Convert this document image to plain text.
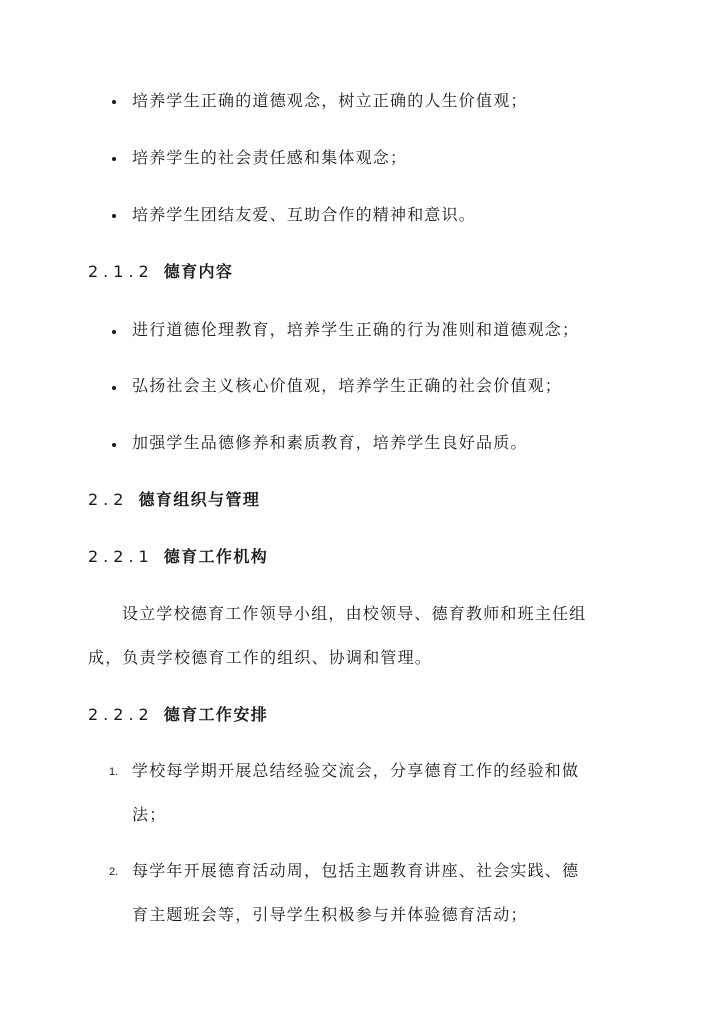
培养学生正确的道德观念，树立正确的人生价值观；
培养学生的社会责任感和集体观念；
培养学生团结友爱、互助合作的精神和意识。
2.1.2 德育内容
进行道德伦理教育，培养学生正确的行为准则和道德观念；
弘扬社会主义核心价值观，培养学生正确的社会价值观；
加强学生品德修养和素质教育，培养学生良好品质。
2.2 德育组织与管理
2.2.1 德育工作机构
设立学校德育工作领导小组，由校领导、德育教师和班主任组
成，负责学校德育工作的组织、协调和管理。
2.2.2 德育工作安排
1. 学校每学期开展总结经验交流会，分享德育工作的经验和做
法；
2. 每学年开展德育活动周，包括主题教育讲座、社会实践、德
育主题班会等，引导学生积极参与并体验德育活动；
